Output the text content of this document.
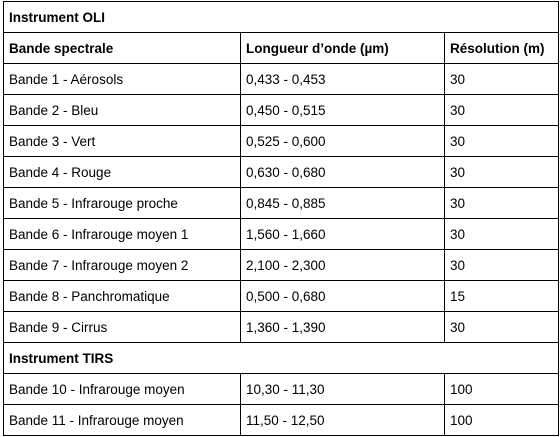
Instrument OLI		
Bande spectrale	Longueur d’onde (µm)	Résolution (m)
Bande 1 - Aérosols	0,433 - 0,453	30
Bande 2 - Bleu	0,450 - 0,515	30
Bande 3 - Vert	0,525 - 0,600	30
Bande 4 - Rouge	0,630 - 0,680	30
Bande 5 - Infrarouge proche	0,845 - 0,885	30
Bande 6 - Infrarouge moyen 1	1,560 - 1,660	30
Bande 7 - Infrarouge moyen 2	2,100 - 2,300	30
Bande 8 - Panchromatique	0,500 - 0,680	15
Bande 9 - Cirrus	1,360 - 1,390	30
Instrument TIRS		
Bande 10 - Infrarouge moyen	10,30 - 11,30	100
Bande 11 - Infrarouge moyen	11,50 - 12,50	100
